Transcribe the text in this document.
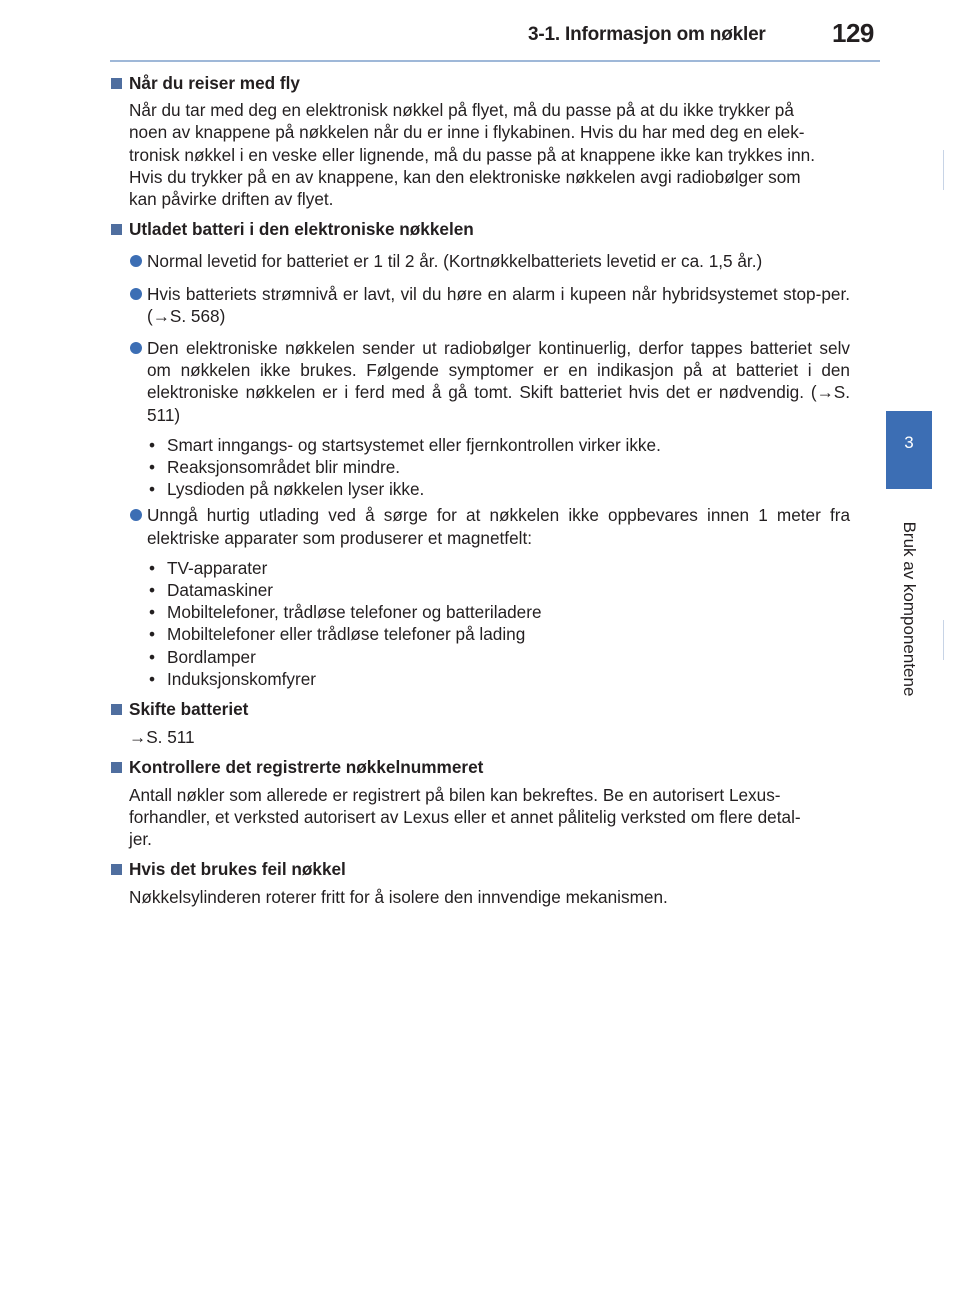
3-1. Informasjon om nøkler	129
3
Bruk av komponentene
Når du reiser med fly
Når du tar med deg en elektronisk nøkkel på flyet, må du passe på at du ikke trykker på
noen av knappene på nøkkelen når du er inne i flykabinen. Hvis du har med deg en elek-
tronisk nøkkel i en veske eller lignende, må du passe på at knappene ikke kan trykkes inn.
Hvis du trykker på en av knappene, kan den elektroniske nøkkelen avgi radiobølger som
kan påvirke driften av flyet.
Utladet batteri i den elektroniske nøkkelen
Normal levetid for batteriet er 1 til 2 år. (Kortnøkkelbatteriets levetid er ca. 1,5 år.)
Hvis batteriets strømnivå er lavt, vil du høre en alarm i kupeen når hybridsystemet stop-per. (→S. 568)
Den elektroniske nøkkelen sender ut radiobølger kontinuerlig, derfor tappes batteriet selv om nøkkelen ikke brukes. Følgende symptomer er en indikasjon på at batteriet i den elektroniske nøkkelen er i ferd med å gå tomt. Skift batteriet hvis det er nødvendig. (→S. 511)
• Smart inngangs- og startsystemet eller fjernkontrollen virker ikke.
• Reaksjonsområdet blir mindre.
• Lysdioden på nøkkelen lyser ikke.
Unngå hurtig utlading ved å sørge for at nøkkelen ikke oppbevares innen 1 meter fra elektriske apparater som produserer et magnetfelt:
• TV-apparater
• Datamaskiner
• Mobiltelefoner, trådløse telefoner og batteriladere
• Mobiltelefoner eller trådløse telefoner på lading
• Bordlamper
• Induksjonskomfyrer
Skifte batteriet
→S. 511
Kontrollere det registrerte nøkkelnummeret
Antall nøkler som allerede er registrert på bilen kan bekreftes. Be en autorisert Lexus-
forhandler, et verksted autorisert av Lexus eller et annet pålitelig verksted om flere detal-
jer.
Hvis det brukes feil nøkkel
Nøkkelsylinderen roterer fritt for å isolere den innvendige mekanismen.
